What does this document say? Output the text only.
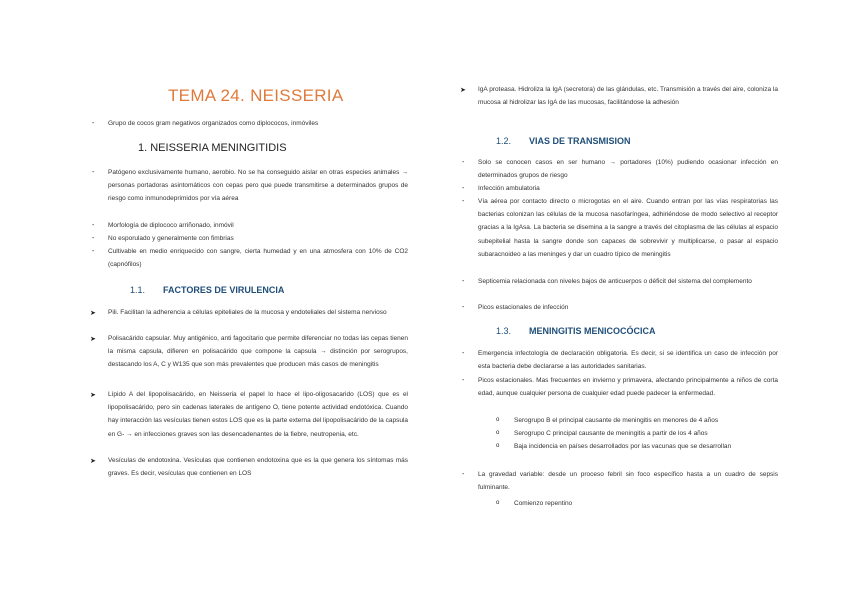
TEMA 24. NEISSERIA
- Grupo de cocos gram negativos organizados como diplococos, inmóviles
1. NEISSERIA MENINGITIDIS
- Patógeno exclusivamente humano, aerobio. No se ha conseguido aislar en otras especies animales → personas portadoras asintomáticos con cepas pero que puede transmitirse a determinados grupos de riesgo como inmunodeprimidos por vía aérea
- Morfología de diplococo arriñonado, inmóvil
- No esporulado y generalmente con fimbrias
- Cultivable en medio enriquecido con sangre, cierta humedad y en una atmosfera con 10% de CO2 (capnófilos)
1.1. FACTORES DE VIRULENCIA
➤ Pili. Facilitan la adherencia a células epiteliales de la mucosa y endoteliales del sistema nervioso
➤ Polisacárido capsular. Muy antigénico, anti fagocitario que permite diferenciar no todas las cepas tienen la misma capsula, difieren en polisacárido que compone la capsula → distinción por serogrupos, destacando los A, C y W135 que son más prevalentes que producen más casos de meningitis
➤ Lípido A del lipopolisacárido, en Neisseria el papel lo hace el lipo-oligosacarido (LOS) que es el lipopolisacárido, pero sin cadenas laterales de antígeno O, tiene potente actividad endotóxica. Cuando hay interacción las vesículas tienen estos LOS que es la parte externa del lipopolisacárido de la capsula en G- → en infecciones graves son las desencadenantes de la fiebre, neutropenia, etc.
➤ Vesículas de endotoxina. Vesículas que contienen endotoxina que es la que genera los síntomas más graves. Es decir, vesículas que contienen en LOS
➤ IgA proteasa. Hidroliza la IgA (secretora) de las glándulas, etc. Transmisión a través del aire, coloniza la mucosa al hidrolizar las IgA de las mucosas, facilitándose la adhesión
1.2. VIAS DE TRANSMISION
- Solo se conocen casos en ser humano → portadores (10%) pudiendo ocasionar infección en determinados grupos de riesgo
- Infección ambulatoria
- Vía aérea por contacto directo o microgotas en el aire. Cuando entran por las vías respiratorias las bacterias colonizan las células de la mucosa nasofaríngea, adhiriéndose de modo selectivo al receptor gracias a la IgAsa. La bacteria se disemina a la sangre a través del citoplasma de las células al espacio subepitelial hasta la sangre donde son capaces de sobrevivir y multiplicarse, o pasar al espacio subaracnoideo a las meninges y dar un cuadro típico de meningitis
- Septicemia relacionada con niveles bajos de anticuerpos o déficit del sistema del complemento
- Picos estacionales de infección
1.3. MENINGITIS MENICOCÓCICA
- Emergencia infectología de declaración obligatoria. Es decir, si se identifica un caso de infección por esta bacteria debe declararse a las autoridades sanitarias.
- Picos estacionales. Mas frecuentes en invierno y primavera, afectando principalmente a niños de corta edad, aunque cualquier persona de cualquier edad puede padecer la enfermedad.
o Serogrupo B el principal causante de meningitis en menores de 4 años
o Serogrupo C principal causante de meningitis a partir de los 4 años
o Baja incidencia en países desarrollados por las vacunas que se desarrollan
- La gravedad variable: desde un proceso febril sin foco específico hasta a un cuadro de sepsis fulminante.
o Comienzo repentino
